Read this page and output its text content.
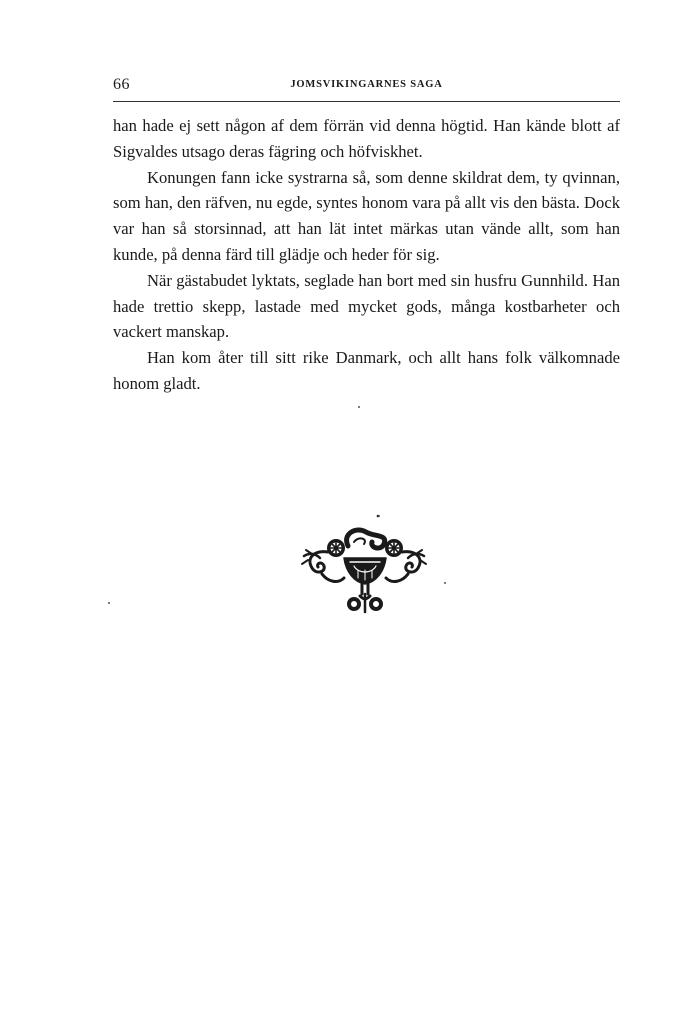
66	JOMSVIKINGARNES SAGA

han hade ej sett någon af dem förrän vid denna högtid. Han kände blott af Sigvaldes utsago deras fägring och höfviskhet.

Konungen fann icke systrarna så, som denne skildrat dem, ty qvinnan, som han, den räfven, nu egde, syntes honom vara på allt vis den bästa. Dock var han så storsinnad, att han lät intet märkas utan vände allt, som han kunde, på denna färd till glädje och heder för sig.

När gästabudet lyktats, seglade han bort med sin husfru Gunnhild. Han hade trettio skepp, lastade med mycket gods, många kostbarheter och vackert manskap.

Han kom åter till sitt rike Danmark, och allt hans folk välkomnade honom gladt.
